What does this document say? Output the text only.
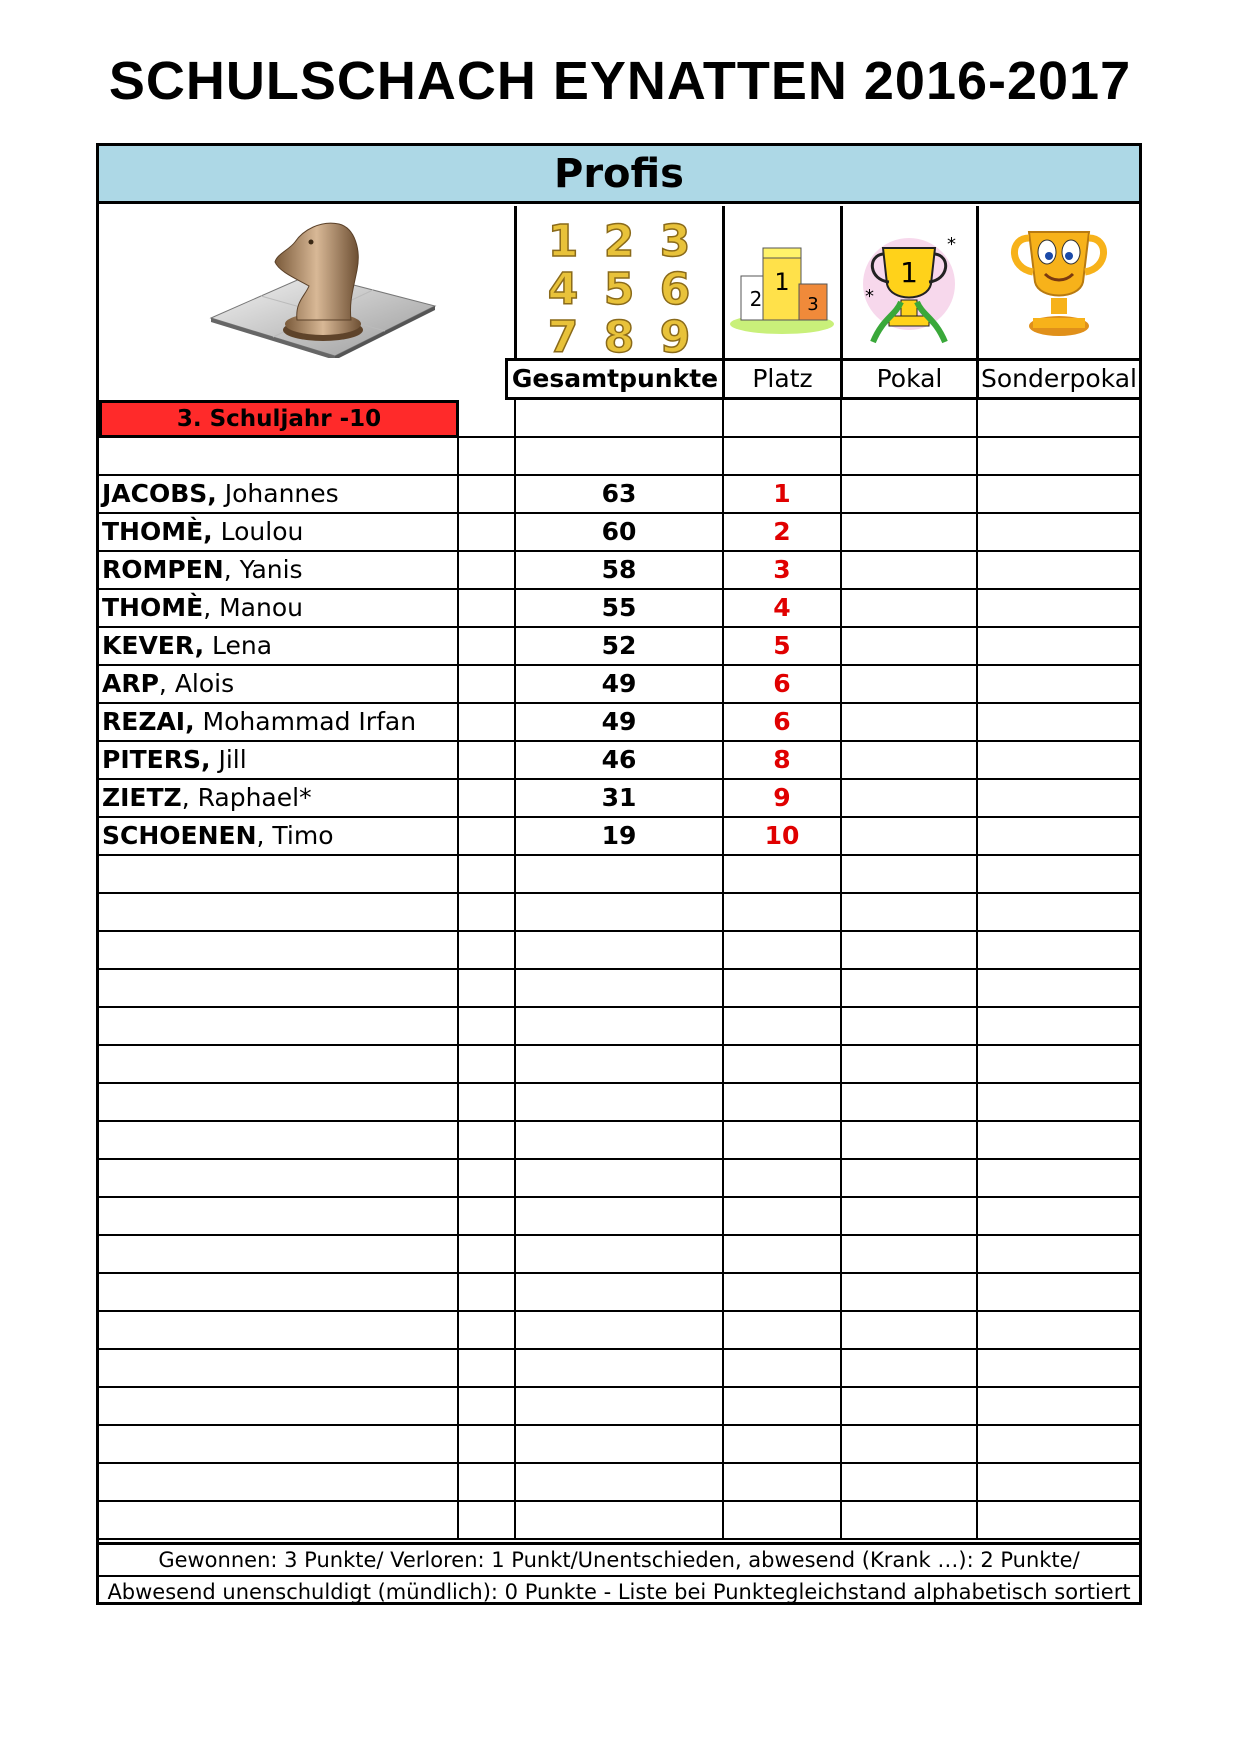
SCHULSCHACH EYNATTEN 2016-2017
Profis
1 2 3
4 5 6
7 8 9
2
1
3
1
*
*
Gesamtpunkte	Platz	Pokal	Sonderpokal
JACOBS, Johannes	63	1
THOMÈ, Loulou	60	2
ROMPEN, Yanis	58	3
THOMÈ, Manou	55	4
KEVER, Lena	52	5
ARP, Alois	49	6
REZAI, Mohammad Irfan	49	6
PITERS, Jill	46	8
ZIETZ, Raphael*	31	9
SCHOENEN, Timo	19	10
3. Schuljahr -10
Gewonnen: 3 Punkte/ Verloren: 1 Punkt/Unentschieden, abwesend (Krank …): 2 Punkte/
Abwesend unenschuldigt (mündlich): 0 Punkte - Liste bei Punktegleichstand alphabetisch sortiert
